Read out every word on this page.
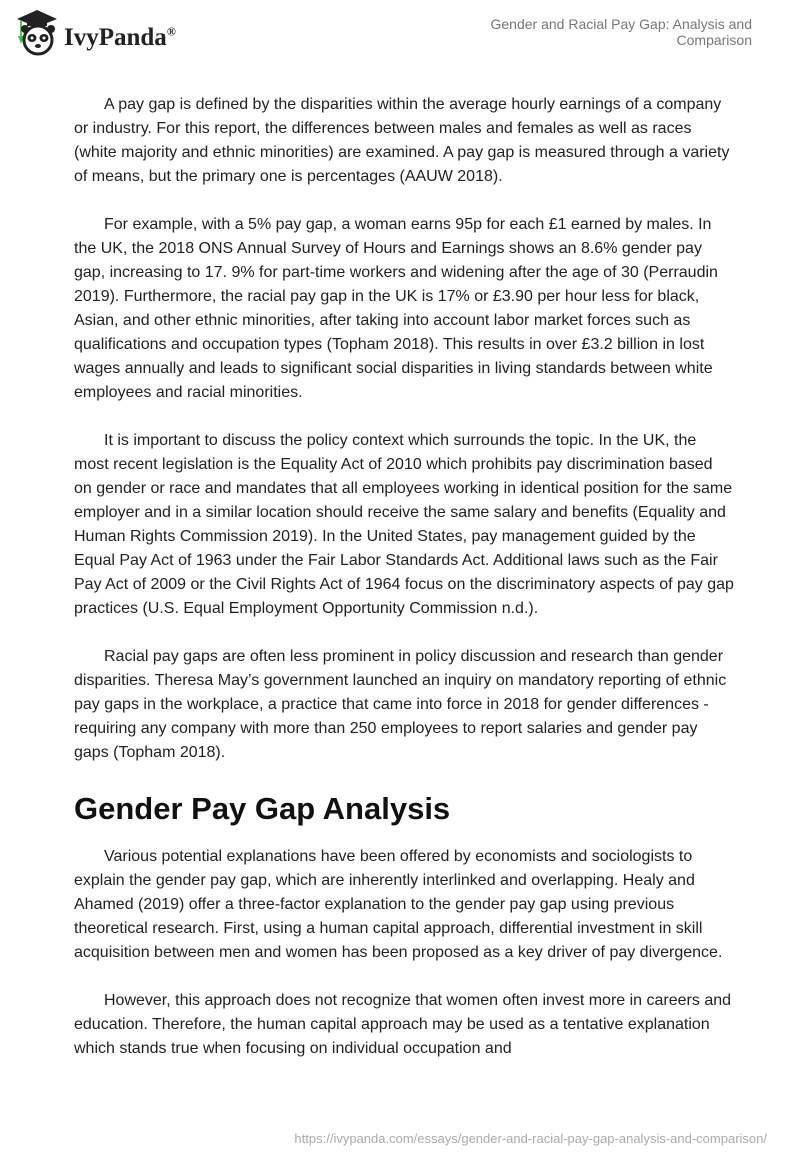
IvyPanda®	Gender and Racial Pay Gap: Analysis and Comparison

A pay gap is defined by the disparities within the average hourly earnings of a company or industry. For this report, the differences between males and females as well as races (white majority and ethnic minorities) are examined. A pay gap is measured through a variety of means, but the primary one is percentages (AAUW 2018).

For example, with a 5% pay gap, a woman earns 95p for each £1 earned by males. In the UK, the 2018 ONS Annual Survey of Hours and Earnings shows an 8.6% gender pay gap, increasing to 17. 9% for part-time workers and widening after the age of 30 (Perraudin 2019). Furthermore, the racial pay gap in the UK is 17% or £3.90 per hour less for black, Asian, and other ethnic minorities, after taking into account labor market forces such as qualifications and occupation types (Topham 2018). This results in over £3.2 billion in lost wages annually and leads to significant social disparities in living standards between white employees and racial minorities.

It is important to discuss the policy context which surrounds the topic. In the UK, the most recent legislation is the Equality Act of 2010 which prohibits pay discrimination based on gender or race and mandates that all employees working in identical position for the same employer and in a similar location should receive the same salary and benefits (Equality and Human Rights Commission 2019). In the United States, pay management guided by the Equal Pay Act of 1963 under the Fair Labor Standards Act. Additional laws such as the Fair Pay Act of 2009 or the Civil Rights Act of 1964 focus on the discriminatory aspects of pay gap practices (U.S. Equal Employment Opportunity Commission n.d.).

Racial pay gaps are often less prominent in policy discussion and research than gender disparities. Theresa May’s government launched an inquiry on mandatory reporting of ethnic pay gaps in the workplace, a practice that came into force in 2018 for gender differences - requiring any company with more than 250 employees to report salaries and gender pay gaps (Topham 2018).

Gender Pay Gap Analysis

Various potential explanations have been offered by economists and sociologists to explain the gender pay gap, which are inherently interlinked and overlapping. Healy and Ahamed (2019) offer a three-factor explanation to the gender pay gap using previous theoretical research. First, using a human capital approach, differential investment in skill acquisition between men and women has been proposed as a key driver of pay divergence.

However, this approach does not recognize that women often invest more in careers and education. Therefore, the human capital approach may be used as a tentative explanation which stands true when focusing on individual occupation and

https://ivypanda.com/essays/gender-and-racial-pay-gap-analysis-and-comparison/
